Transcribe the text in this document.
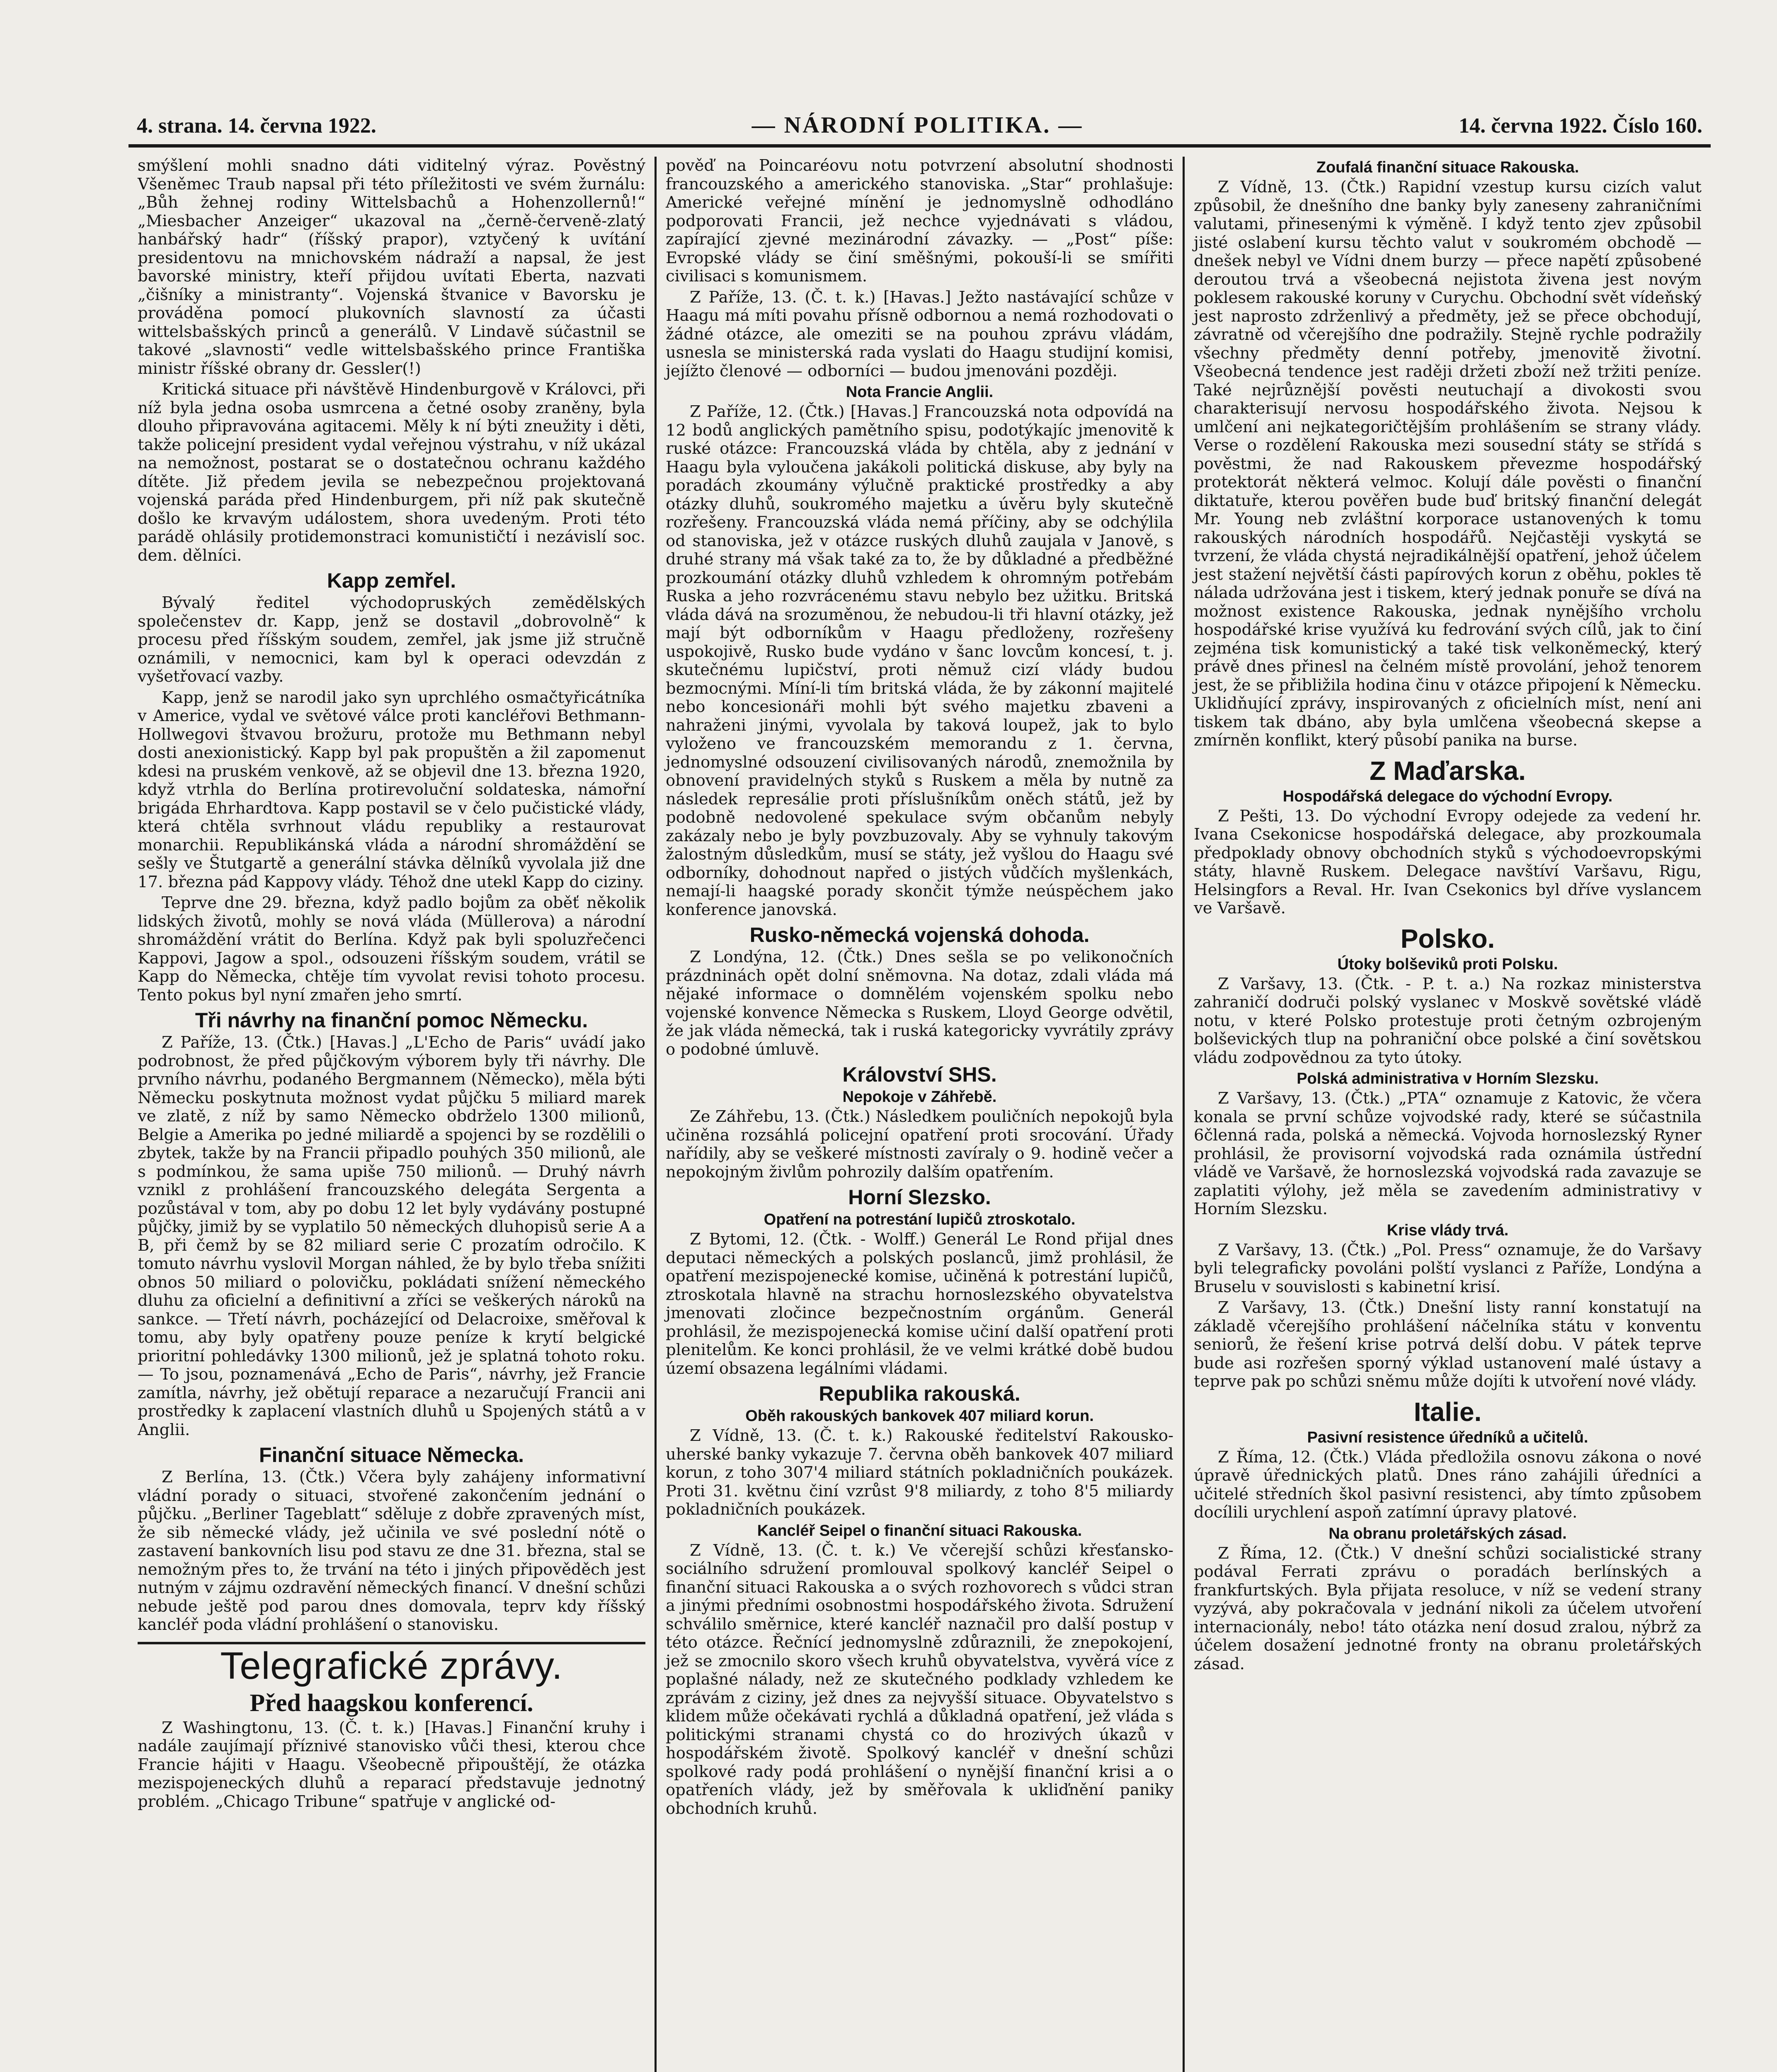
4. strana. 14. června 1922.	— NÁRODNÍ POLITIKA. —	14. června 1922. Číslo 160.

smýšlení mohli snadno dáti viditelný výraz. Pověstný Všeněmec Traub napsal při této příležitosti ve svém žurnálu: „Bůh žehnej rodiny Wittelsbachů a Hohenzollernů!“ „Miesbacher Anzeiger“ ukazoval na „černě-červeně-zlatý hanbářský hadr“ (říšský prapor), vztyčený k uvítání presidentovu na mnichovském nádraží a napsal, že jest bavorské ministry, kteří přijdou uvítati Eberta, nazvati „čišníky a ministranty“. Vojenská štvanice v Bavorsku je prováděna pomocí plukovních slavností za účasti wittelsbašských princů a generálů. V Lindavě súčastnil se takové „slavnosti“ vedle wittelsbašského prince Františka ministr říšské obrany dr. Gessler(!)

Kritická situace při návštěvě Hindenburgově v Královci, při níž byla jedna osoba usmrcena a četné osoby zraněny, byla dlouho připravována agitacemi. Měly k ní býti zneužity i děti, takže policejní president vydal veřejnou výstrahu, v níž ukázal na nemožnost, postarat se o dostatečnou ochranu každého dítěte. Již předem jevila se nebezpečnou projektovaná vojenská paráda před Hindenburgem, při níž pak skutečně došlo ke krvavým událostem, shora uvedeným. Proti této parádě ohlásily protidemonstraci komunističtí i nezávislí soc. dem. dělníci.

Kapp zemřel.

Bývalý ředitel východopruských zemědělských společenstev dr. Kapp, jenž se dostavil „dobrovolně“ k procesu před říšským soudem, zemřel, jak jsme již stručně oznámili, v nemocnici, kam byl k operaci odevzdán z vyšetřovací vazby.

Kapp, jenž se narodil jako syn uprchlého osmačtyřicátníka v Americe, vydal ve světové válce proti kancléřovi Bethmann-Hollwegovi štvavou brožuru, protože mu Bethmann nebyl dosti anexionistický. Kapp byl pak propuštěn a žil zapomenut kdesi na pruském venkově, až se objevil dne 13. března 1920, když vtrhla do Berlína protirevoluční soldateska, námořní brigáda Ehrhardtova. Kapp postavil se v čelo pučistické vlády, která chtěla svrhnout vládu republiky a restaurovat monarchii. Republikánská vláda a národní shromáždění se sešly ve Štutgartě a generální stávka dělníků vyvolala již dne 17. března pád Kappovy vlády. Téhož dne utekl Kapp do ciziny.

Teprve dne 29. března, když padlo bojům za oběť několik lidských životů, mohly se nová vláda (Müllerova) a národní shromáždění vrátit do Berlína. Když pak byli spoluzřečenci Kappovi, Jagow a spol., odsouzeni říšským soudem, vrátil se Kapp do Německa, chtěje tím vyvolat revisi tohoto procesu. Tento pokus byl nyní zmařen jeho smrtí.

Tři návrhy na finanční pomoc Německu.

Z Paříže, 13. (Čtk.) [Havas.] „L'Echo de Paris“ uvádí jako podrobnost, že před půjčkovým výborem byly tři návrhy. Dle prvního návrhu, podaného Bergmannem (Německo), měla býti Německu poskytnuta možnost vydat půjčku 5 miliard marek ve zlatě, z níž by samo Německo obdrželo 1300 milionů, Belgie a Amerika po jedné miliardě a spojenci by se rozdělili o zbytek, takže by na Francii připadlo pouhých 350 milionů, ale s podmínkou, že sama upiše 750 milionů. — Druhý návrh vznikl z prohlášení francouzského delegáta Sergenta a pozůstával v tom, aby po dobu 12 let byly vydávány postupné půjčky, jimiž by se vyplatilo 50 německých dluhopisů serie A a B, při čemž by se 82 miliard serie C prozatím odročilo. K tomuto návrhu vyslovil Morgan náhled, že by bylo třeba snížiti obnos 50 miliard o polovičku, pokládati snížení německého dluhu za oficielní a definitivní a zříci se veškerých nároků na sankce. — Třetí návrh, pocházející od Delacroixe, směřoval k tomu, aby byly opatřeny pouze peníze k krytí belgické prioritní pohledávky 1300 milionů, jež je splatná tohoto roku. — To jsou, poznamenává „Echo de Paris“, návrhy, jež Francie zamítla, návrhy, jež obětují reparace a nezaručují Francii ani prostředky k zaplacení vlastních dluhů u Spojených států a v Anglii.

Finanční situace Německa.

Z Berlína, 13. (Čtk.) Včera byly zahájeny informativní vládní porady o situaci, stvořené zakončením jednání o půjčku. „Berliner Tageblatt“ sděluje z dobře zpravených míst, že sib německé vlády, jež učinila ve své poslední nótě o zastavení bankovních lisu pod stavu ze dne 31. března, stal se nemožným přes to, že trvání na této i jiných připověděch jest nutným v zájmu ozdravění německých financí. V dnešní schůzi nebude ještě pod parou dnes domovala, teprv kdy říšský kancléř poda vládní prohlášení o stanovisku.

Telegrafické zprávy.
Před haagskou konferencí.

Z Washingtonu, 13. (Č. t. k.) [Havas.] Finanční kruhy i nadále zaujímají příznivé stanovisko vůči thesi, kterou chce Francie hájiti v Haagu. Všeobecně připouštějí, že otázka mezispojeneckých dluhů a reparací představuje jednotný problém. „Chicago Tribune“ spatřuje v anglické od-

pověď na Poincaréovu notu potvrzení absolutní shodnosti francouzského a amerického stanoviska. „Star“ prohlašuje: Americké veřejné mínění je jednomyslně odhodláno podporovati Francii, jež nechce vyjednávati s vládou, zapírající zjevné mezinárodní závazky. — „Post“ píše: Evropské vlády se činí směšnými, pokouší-li se smířiti civilisaci s komunismem.

Z Paříže, 13. (Č. t. k.) [Havas.] Ježto nastávající schůze v Haagu má míti povahu přísně odbornou a nemá rozhodovati o žádné otázce, ale omeziti se na pouhou zprávu vládám, usnesla se ministerská rada vyslati do Haagu studijní komisi, jejížto členové — odborníci — budou jmenováni později.

Nota Francie Anglii.

Z Paříže, 12. (Čtk.) [Havas.] Francouzská nota odpovídá na 12 bodů anglických pamětního spisu, podotýkajíc jmenovitě k ruské otázce: Francouzská vláda by chtěla, aby z jednání v Haagu byla vyloučena jakákoli politická diskuse, aby byly na poradách zkoumány výlučně praktické prostředky a aby otázky dluhů, soukromého majetku a úvěru byly skutečně rozřešeny. Francouzská vláda nemá příčiny, aby se odchýlila od stanoviska, jež v otázce ruských dluhů zaujala v Janově, s druhé strany má však také za to, že by důkladné a předběžné prozkoumání otázky dluhů vzhledem k ohromným potřebám Ruska a jeho rozvrácenému stavu nebylo bez užitku. Britská vláda dává na srozuměnou, že nebudou-li tři hlavní otázky, jež mají být odborníkům v Haagu předloženy, rozřešeny uspokojivě, Rusko bude vydáno v šanc lovcům koncesí, t. j. skutečnému lupičství, proti němuž cizí vlády budou bezmocnými. Míní-li tím britská vláda, že by zákonní majitelé nebo koncesionáři mohli být svého majetku zbaveni a nahraženi jinými, vyvolala by taková loupež, jak to bylo vyloženo ve francouzském memorandu z 1. června, jednomyslné odsouzení civilisovaných národů, znemožnila by obnovení pravidelných styků s Ruskem a měla by nutně za následek represálie proti příslušníkům oněch států, jež by podobně nedovolené spekulace svým občanům nebyly zakázaly nebo je byly povzbuzovaly. Aby se vyhnuly takovým žalostným důsledkům, musí se státy, jež vyšlou do Haagu své odborníky, dohodnout napřed o jistých vůdčích myšlenkách, nemají-li haagské porady skončit týmže neúspěchem jako konference janovská.

Rusko-německá vojenská dohoda.

Z Londýna, 12. (Čtk.) Dnes sešla se po velikonočních prázdninách opět dolní sněmovna. Na dotaz, zdali vláda má nějaké informace o domnělém vojenském spolku nebo vojenské konvence Německa s Ruskem, Lloyd George odvětil, že jak vláda německá, tak i ruská kategoricky vyvrátily zprávy o podobné úmluvě.

Království SHS.
Nepokoje v Záhřebě.

Ze Záhřebu, 13. (Čtk.) Následkem pouličních nepokojů byla učiněna rozsáhlá policejní opatření proti srocování. Úřady nařídily, aby se veškeré místnosti zavíraly o 9. hodině večer a nepokojným živlům pohrozily dalším opatřením.

Horní Slezsko.
Opatření na potrestání lupičů ztroskotalo.

Z Bytomi, 12. (Čtk. - Wolff.) Generál Le Rond přijal dnes deputaci německých a polských poslanců, jimž prohlásil, že opatření mezispojenecké komise, učiněná k potrestání lupičů, ztroskotala hlavně na strachu hornoslezského obyvatelstva jmenovati zločince bezpečnostním orgánům. Generál prohlásil, že mezispojenecká komise učiní další opatření proti plenitelům. Ke konci prohlásil, že ve velmi krátké době budou území obsazena legálními vládami.

Republika rakouská.
Oběh rakouských bankovek 407 miliard korun.

Z Vídně, 13. (Č. t. k.) Rakouské ředitelství Rakousko-uherské banky vykazuje 7. června oběh bankovek 407 miliard korun, z toho 307'4 miliard státních pokladničních poukázek. Proti 31. květnu činí vzrůst 9'8 miliardy, z toho 8'5 miliardy pokladničních poukázek.

Kancléř Seipel o finanční situaci Rakouska.

Z Vídně, 13. (Č. t. k.) Ve včerejší schůzi křesťansko-sociálního sdružení promlouval spolkový kancléř Seipel o finanční situaci Rakouska a o svých rozhovorech s vůdci stran a jinými předními osobnostmi hospodářského života. Sdružení schválilo směrnice, které kancléř naznačil pro další postup v této otázce. Řečnící jednomyslně zdůraznili, že znepokojení, jež se zmocnilo skoro všech kruhů obyvatelstva, vyvěrá více z poplašné nálady, než ze skutečného podklady vzhledem ke zprávám z ciziny, jež dnes za nejvyšší situace. Obyvatelstvo s klidem může očekávati rychlá a důkladná opatření, jež vláda s politickými stranami chystá co do hrozivých úkazů v hospodářském životě. Spolkový kancléř v dnešní schůzi spolkové rady podá prohlášení o nynější finanční krisi a o opatřeních vlády, jež by směřovala k ukliďnění paniky obchodních kruhů.

Zoufalá finanční situace Rakouska.

Z Vídně, 13. (Čtk.) Rapidní vzestup kursu cizích valut způsobil, že dnešního dne banky byly zaneseny zahraničními valutami, přinesenými k výměně. I když tento zjev způsobil jisté oslabení kursu těchto valut v soukromém obchodě — dnešek nebyl ve Vídni dnem burzy — přece napětí způsobené deroutou trvá a všeobecná nejistota živena jest novým poklesem rakouské koruny v Curychu. Obchodní svět vídeňský jest naprosto zdrženlivý a předměty, jež se přece obchodují, závratně od včerejšího dne podražily. Stejně rychle podražily všechny předměty denní potřeby, jmenovitě životní. Všeobecná tendence jest raději držeti zboží než tržiti peníze. Také nejrůznější pověsti neutuchají a divokosti svou charakterisují nervosu hospodářského života. Nejsou k umlčení ani nejkategoričtějším prohlášením se strany vlády. Verse o rozdělení Rakouska mezi sousední státy se střídá s pověstmi, že nad Rakouskem převezme hospodářský protektorát některá velmoc. Kolují dále pověsti o finanční diktatuře, kterou pověřen bude buď britský finanční delegát Mr. Young neb zvláštní korporace ustanovených k tomu rakouských národních hospodářů. Nejčastěji vyskytá se tvrzení, že vláda chystá nejradikálnější opatření, jehož účelem jest stažení největší části papírových korun z oběhu, pokles tě nálada udržována jest i tiskem, který jednak ponuře se dívá na možnost existence Rakouska, jednak nynějšího vrcholu hospodářské krise využívá ku fedrování svých cílů, jak to činí zejména tisk komunistický a také tisk velkoněmecký, který právě dnes přinesl na čelném místě provolání, jehož tenorem jest, že se přibližila hodina činu v otázce připojení k Německu. Uklidňující zprávy, inspirovaných z oficielních míst, není ani tiskem tak dbáno, aby byla umlčena všeobecná skepse a zmírněn konflikt, který působí panika na burse.

Z Maďarska.
Hospodářská delegace do východní Evropy.

Z Pešti, 13. Do východní Evropy odejede za vedení hr. Ivana Csekonicse hospodářská delegace, aby prozkoumala předpoklady obnovy obchodních styků s východoevropskými státy, hlavně Ruskem. Delegace navštíví Varšavu, Rigu, Helsingfors a Reval. Hr. Ivan Csekonics byl dříve vyslancem ve Varšavě.

Polsko.
Útoky bolševiků proti Polsku.

Z Varšavy, 13. (Čtk. - P. t. a.) Na rozkaz ministerstva zahraničí dodruči polský vyslanec v Moskvě sovětské vládě notu, v které Polsko protestuje proti četným ozbrojeným bolševických tlup na pohraniční obce polské a činí sovětskou vládu zodpovědnou za tyto útoky.

Polská administrativa v Horním Slezsku.

Z Varšavy, 13. (Čtk.) „PTA“ oznamuje z Katovic, že včera konala se první schůze vojvodské rady, které se súčastnila 6členná rada, polská a německá. Vojvoda hornoslezský Ryner prohlásil, že provisorní vojvodská rada oznámila ústřední vládě ve Varšavě, že hornoslezská vojvodská rada zavazuje se zaplatiti výlohy, jež měla se zavedením administrativy v Horním Slezsku.

Krise vlády trvá.

Z Varšavy, 13. (Čtk.) „Pol. Press“ oznamuje, že do Varšavy byli telegraficky povoláni polští vyslanci z Paříže, Londýna a Bruselu v souvislosti s kabinetní krisí.

Z Varšavy, 13. (Čtk.) Dnešní listy ranní konstatují na základě včerejšího prohlášení náčelníka státu v konventu seniorů, že řešení krise potrvá delší dobu. V pátek teprve bude asi rozřešen sporný výklad ustanovení malé ústavy a teprve pak po schůzi sněmu může dojíti k utvoření nové vlády.

Italie.
Pasivní resistence úředníků a učitelů.

Z Říma, 12. (Čtk.) Vláda předložila osnovu zákona o nové úpravě úřednických platů. Dnes ráno zahájili úředníci a učitelé středních škol pasivní resistenci, aby tímto způsobem docílili urychlení aspoň zatímní úpravy platové.

Na obranu proletářských zásad.

Z Říma, 12. (Čtk.) V dnešní schůzi socialistické strany podával Ferrati zprávu o poradách berlínských a frankfurtských. Byla přijata resoluce, v níž se vedení strany vyzývá, aby pokračovala v jednání nikoli za účelem utvoření internacionály, nebo! táto otázka není dosud zralou, nýbrž za účelem dosažení jednotné fronty na obranu proletářských zásad.
